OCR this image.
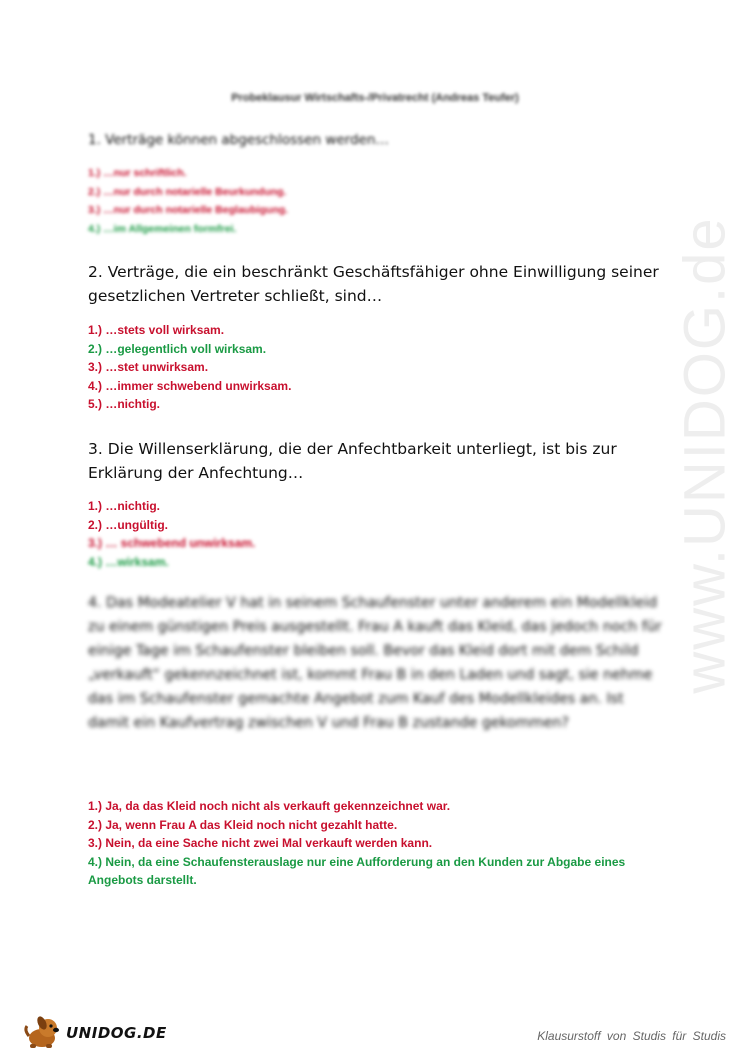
www.UNIDOG.de
Probeklausur Wirtschafts-/Privatrecht (Andreas Teufer)

1. Verträge können abgeschlossen werden…

1.) …nur schriftlich.
2.) …nur durch notarielle Beurkundung.
3.) …nur durch notarielle Beglaubigung.
4.) …im Allgemeinen formfrei.

2. Verträge, die ein beschränkt Geschäftsfähiger ohne Einwilligung seiner gesetzlichen Vertreter schließt, sind…

1.) …stets voll wirksam.
2.) …gelegentlich voll wirksam.
3.) …stet unwirksam.
4.) …immer schwebend unwirksam.
5.) …nichtig.

3. Die Willenserklärung, die der Anfechtbarkeit unterliegt, ist bis zur Erklärung der Anfechtung…

1.) …nichtig.
2.) …ungültig.
3.) … schwebend unwirksam.
4.) …wirksam.

4. Das Modeatelier V hat in seinem Schaufenster unter anderem ein Modellkleid zu einem günstigen Preis ausgestellt. Frau A kauft das Kleid, das jedoch noch für einige Tage im Schaufenster bleiben soll. Bevor das Kleid dort mit dem Schild „verkauft“ gekennzeichnet ist, kommt Frau B in den Laden und sagt, sie nehme das im Schaufenster gemachte Angebot zum Kauf des Modellkleides an. Ist damit ein Kaufvertrag zwischen V und Frau B zustande gekommen?

1.) Ja, da das Kleid noch nicht als verkauft gekennzeichnet war.
2.) Ja, wenn Frau A das Kleid noch nicht gezahlt hatte.
3.) Nein, da eine Sache nicht zwei Mal verkauft werden kann.
4.) Nein, da eine Schaufensterauslage nur eine Aufforderung an den Kunden zur Abgabe eines Angebots darstellt.
UNIDOG.DE	Klausurstoff von Studis für Studis
